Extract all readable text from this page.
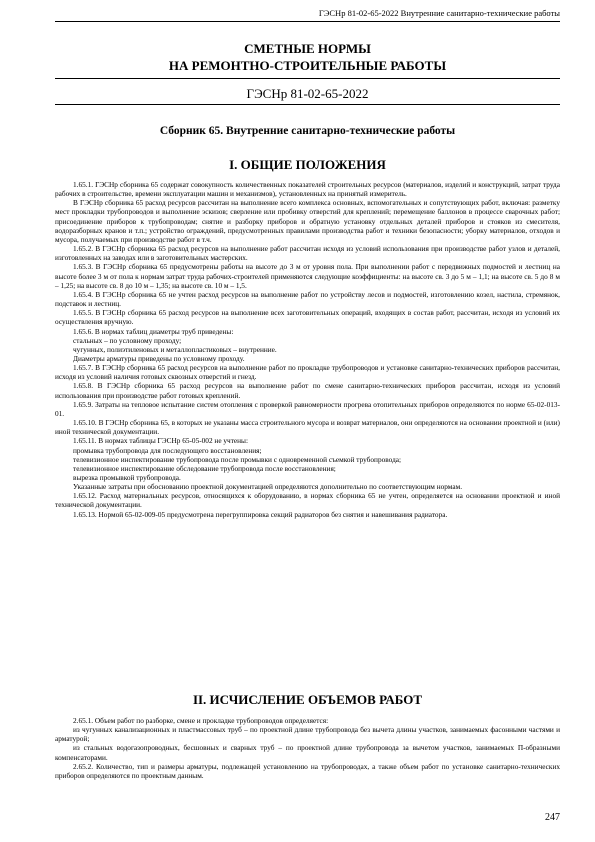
ГЭСНр 81-02-65-2022 Внутренние санитарно-технические работы
СМЕТНЫЕ НОРМЫ
НА РЕМОНТНО-СТРОИТЕЛЬНЫЕ РАБОТЫ
ГЭСНр 81-02-65-2022
Сборник 65. Внутренние санитарно-технические работы
I. ОБЩИЕ ПОЛОЖЕНИЯ

1.65.1. ГЭСНр сборника 65 содержат совокупность количественных показателей строительных ресурсов (материалов, изделий и конструкций, затрат труда рабочих в строительстве, времени эксплуатации машин и механизмов), установленных на принятый измеритель.

В ГЭСНр сборника 65 расход ресурсов рассчитан на выполнение всего комплекса основных, вспомогательных и сопутствующих работ, включая: разметку мест прокладки трубопроводов и выполнение эскизов; сверление или пробивку отверстий для креплений; перемещение баллонов в процессе сварочных работ; присоединение приборов к трубопроводам; снятие и разборку приборов и обратную установку отдельных деталей приборов и стояков из смесителя, водоразборных кранов и т.п.; устройство ограждений, предусмотренных правилами производства работ и техники безопасности; уборку материалов, отходов и мусора, получаемых при производстве работ в т.ч.

1.65.2. В ГЭСНр сборника 65 расход ресурсов на выполнение работ рассчитан исходя из условий использования при производстве работ узлов и деталей, изготовленных на заводах или в заготовительных мастерских.

1.65.3. В ГЭСНр сборника 65 предусмотрены работы на высоте до 3 м от уровня пола. При выполнении работ с передвижных подмостей и лестниц на высоте более 3 м от пола к нормам затрат труда рабочих-строителей применяются следующие коэффициенты: на высоте св. 3 до 5 м – 1,1; на высоте св. 5 до 8 м – 1,25; на высоте св. 8 до 10 м – 1,35; на высоте св. 10 м – 1,5.

1.65.4. В ГЭСНр сборника 65 не учтен расход ресурсов на выполнение работ по устройству лесов и подмостей, изготовлению козел, настила, стремянок, подставок и лестниц.

1.65.5. В ГЭСНр сборника 65 расход ресурсов на выполнение всех заготовительных операций, входящих в состав работ, рассчитан, исходя из условий их осуществления вручную.

1.65.6. В нормах таблиц диаметры труб приведены:

стальных – по условному проходу;

чугунных, полиэтиленовых и металлопластиковых – внутренние.

Диаметры арматуры приведены по условному проходу.

1.65.7. В ГЭСНр сборника 65 расход ресурсов на выполнение работ по прокладке трубопроводов и установке санитарно-технических приборов рассчитан, исходя из условий наличия готовых сквозных отверстий и гнезд.

1.65.8. В ГЭСНр сборника 65 расход ресурсов на выполнение работ по смене санитарно-технических приборов рассчитан, исходя из условий использования при производстве работ готовых креплений.

1.65.9. Затраты на тепловое испытание систем отопления с проверкой равномерности прогрева отопительных приборов определяются по норме 65-02-013-01.

1.65.10. В ГЭСНр сборника 65, в которых не указаны масса строительного мусора и возврат материалов, они определяются на основании проектной и (или) иной технической документации.

1.65.11. В нормах таблицы ГЭСНр 65-05-002 не учтены:

промывка трубопровода для последующего восстановления;

телевизионное инспектирование трубопровода после промывки с одновременной съемкой трубопровода;

телевизионное инспектирование обследование трубопровода после восстановления;

вырезка промывкой трубопровода.

Указанные затраты при обоснованию проектной документацией определяются дополнительно по соответствующим нормам.

1.65.12. Расход материальных ресурсов, относящихся к оборудованию, в нормах сборника 65 не учтен, определяется на основании проектной и иной технической документации.

1.65.13. Нормой 65-02-009-05 предусмотрена перегруппировка секций радиаторов без снятия и навешивания радиатора.

II. ИСЧИСЛЕНИЕ ОБЪЕМОВ РАБОТ

2.65.1. Объем работ по разборке, смене и прокладке трубопроводов определяется:

из чугунных канализационных и пластмассовых труб – по проектной длине трубопровода без вычета длины участков, занимаемых фасонными частями и арматурой;

из стальных водогазопроводных, бесшовных и сварных труб – по проектной длине трубопровода за вычетом участков, занимаемых П-образными компенсаторами.

2.65.2. Количество, тип и размеры арматуры, подлежащей установлению на трубопроводах, а также объем работ по установке санитарно-технических приборов определяются по проектным данным.

247
